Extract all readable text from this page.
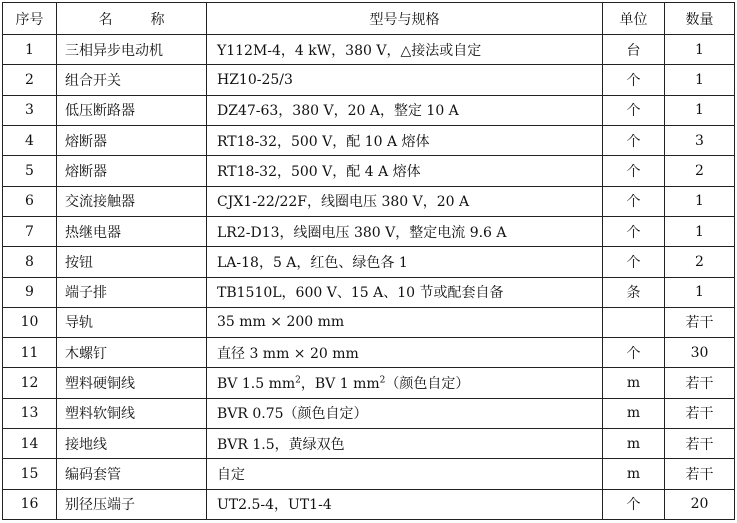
序号	名 称	型号与规格	单位	数量
1	三相异步电动机	Y112M-4，4 kW，380 V，△接法或自定	台	1
2	组合开关	HZ10-25/3	个	1
3	低压断路器	DZ47-63，380 V，20 A，整定 10 A	个	1
4	熔断器	RT18-32，500 V，配 10 A 熔体	个	3
5	熔断器	RT18-32，500 V，配 4 A 熔体	个	2
6	交流接触器	CJX1-22/22F，线圈电压 380 V，20 A	个	1
7	热继电器	LR2-D13，线圈电压 380 V，整定电流 9.6 A	个	1
8	按钮	LA-18，5 A，红色、绿色各 1	个	2
9	端子排	TB1510L，600 V、15 A、10 节或配套自备	条	1
10	导轨	35 mm × 200 mm		若干
11	木螺钉	直径 3 mm × 20 mm	个	30
12	塑料硬铜线	BV 1.5 $mm^2$，BV 1 $mm^2$（颜色自定）	m	若干
13	塑料软铜线	BVR 0.75（颜色自定）	m	若干
14	接地线	BVR 1.5，黄绿双色	m	若干
15	编码套管	自定	m	若干
16	别径压端子	UT2.5-4，UT1-4	个	20
